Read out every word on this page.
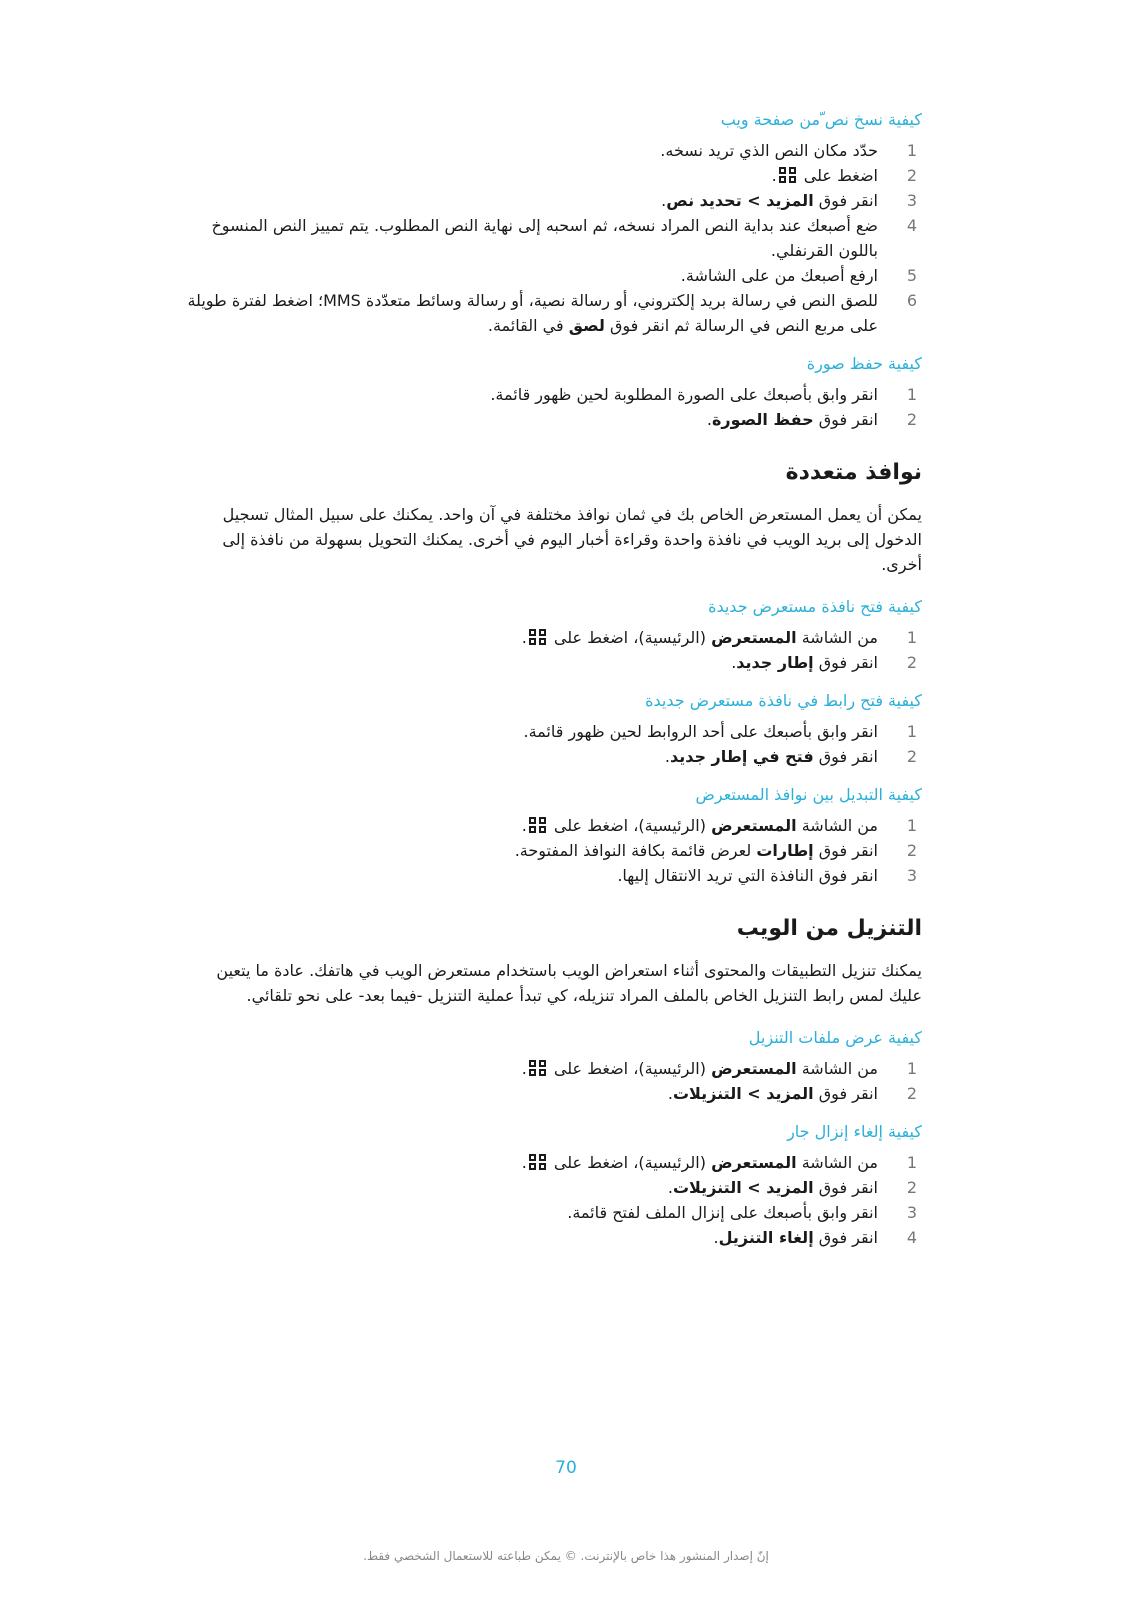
كيفية نسخ نص ّمن صفحة ويب
1
حدّد مكان النص الذي تريد نسخه.
2
اضغط على .
3
انقر فوق المزيد > تحديد نص.
4
ضع أصبعك عند بداية النص المراد نسخه، ثم اسحبه إلى نهاية النص المطلوب. يتم تمييز النص المنسوخ باللون القرنفلي.
5
ارفع أصبعك من على الشاشة.
6
للصق النص في رسالة بريد إلكتروني، أو رسالة نصية، أو رسالة وسائط متعدّدة MMS؛ اضغط لفترة طويلة على مربع النص في الرسالة ثم انقر فوق لصق في القائمة.
كيفية حفظ صورة
1
انقر وابق بأصبعك على الصورة المطلوبة لحين ظهور قائمة.
2
انقر فوق حفظ الصورة.
نوافذ متعددة

يمكن أن يعمل المستعرض الخاص بك في ثمان نوافذ مختلفة في آن واحد. يمكنك على سبيل المثال تسجيل الدخول إلى بريد الويب في نافذة واحدة وقراءة أخبار اليوم في أخرى. يمكنك التحويل بسهولة من نافذة إلى أخرى.

كيفية فتح نافذة مستعرض جديدة
1
من الشاشة المستعرض (الرئيسية)، اضغط على .
2
انقر فوق إطار جديد.
كيفية فتح رابط في نافذة مستعرض جديدة
1
انقر وابق بأصبعك على أحد الروابط لحين ظهور قائمة.
2
انقر فوق فتح في إطار جديد.
كيفية التبديل بين نوافذ المستعرض
1
من الشاشة المستعرض (الرئيسية)، اضغط على .
2
انقر فوق إطارات لعرض قائمة بكافة النوافذ المفتوحة.
3
انقر فوق النافذة التي تريد الانتقال إليها.
التنزيل من الويب

يمكنك تنزيل التطبيقات والمحتوى أثناء استعراض الويب باستخدام مستعرض الويب في هاتفك. عادة ما يتعين عليك لمس رابط التنزيل الخاص بالملف المراد تنزيله، كي تبدأ عملية التنزيل -فيما بعد- على نحو تلقائي.

كيفية عرض ملفات التنزيل
1
من الشاشة المستعرض (الرئيسية)، اضغط على .
2
انقر فوق المزيد > التنزيلات.
كيفية إلغاء إنزال جار
1
من الشاشة المستعرض (الرئيسية)، اضغط على .
2
انقر فوق المزيد > التنزيلات.
3
انقر وابق بأصبعك على إنزال الملف لفتح قائمة.
4
انقر فوق إلغاء التنزيل.
70
إنّ إصدار المنشور هذا خاص بالإنترنت. © يمكن طباعته للاستعمال الشخصي فقط.
